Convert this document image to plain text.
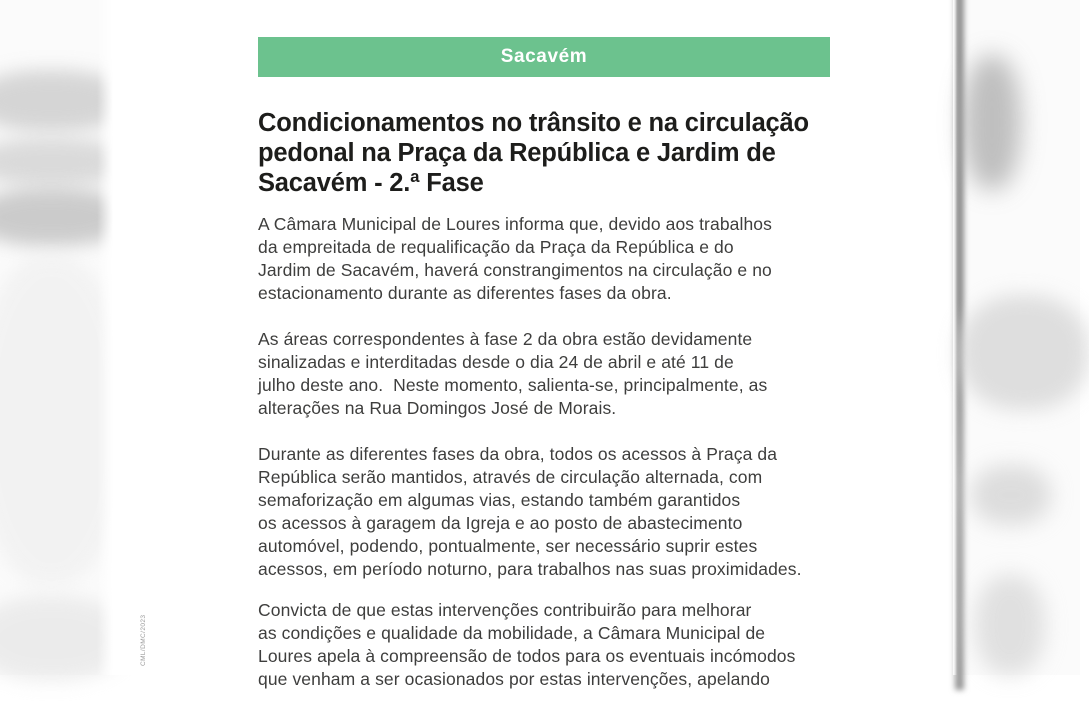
Sacavém
Condicionamentos no trânsito e na circulação
pedonal na Praça da República e Jardim de
Sacavém - 2.ª Fase

A Câmara Municipal de Loures informa que, devido aos trabalhos
da empreitada de requalificação da Praça da República e do
Jardim de Sacavém, haverá constrangimentos na circulação e no
estacionamento durante as diferentes fases da obra.

As áreas correspondentes à fase 2 da obra estão devidamente
sinalizadas e interditadas desde o dia 24 de abril e até 11 de
julho deste ano.  Neste momento, salienta-se, principalmente, as
alterações na Rua Domingos José de Morais.

Durante as diferentes fases da obra, todos os acessos à Praça da
República serão mantidos, através de circulação alternada, com
semaforização em algumas vias, estando também garantidos
os acessos à garagem da Igreja e ao posto de abastecimento
automóvel, podendo, pontualmente, ser necessário suprir estes
acessos, em período noturno, para trabalhos nas suas proximidades.

Convicta de que estas intervenções contribuirão para melhorar
as condições e qualidade da mobilidade, a Câmara Municipal de
Loures apela à compreensão de todos para os eventuais incómodos
que venham a ser ocasionados por estas intervenções, apelando

CML/DMC/2023
